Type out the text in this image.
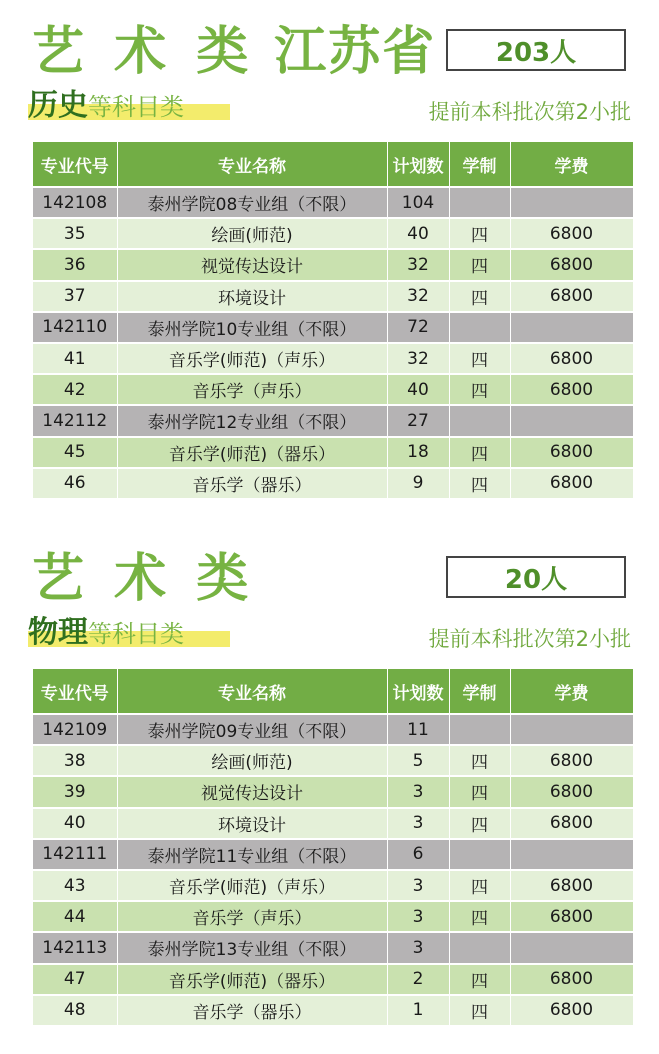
艺 术 类 江苏省	203人
历史等科目类	提前本科批次第2小批
专业代号	专业名称	计划数	学制	学费
142108	泰州学院08专业组（不限）	104		
35	绘画(师范)	40	四	6800
36	视觉传达设计	32	四	6800
37	环境设计	32	四	6800
142110	泰州学院10专业组（不限）	72		
41	音乐学(师范)（声乐）	32	四	6800
42	音乐学（声乐）	40	四	6800
142112	泰州学院12专业组（不限）	27		
45	音乐学(师范)（器乐）	18	四	6800
46	音乐学（器乐）	9	四	6800
艺 术 类	20人
物理等科目类	提前本科批次第2小批
专业代号	专业名称	计划数	学制	学费
142109	泰州学院09专业组（不限）	11		
38	绘画(师范)	5	四	6800
39	视觉传达设计	3	四	6800
40	环境设计	3	四	6800
142111	泰州学院11专业组（不限）	6		
43	音乐学(师范)（声乐）	3	四	6800
44	音乐学（声乐）	3	四	6800
142113	泰州学院13专业组（不限）	3		
47	音乐学(师范)（器乐）	2	四	6800
48	音乐学（器乐）	1	四	6800
